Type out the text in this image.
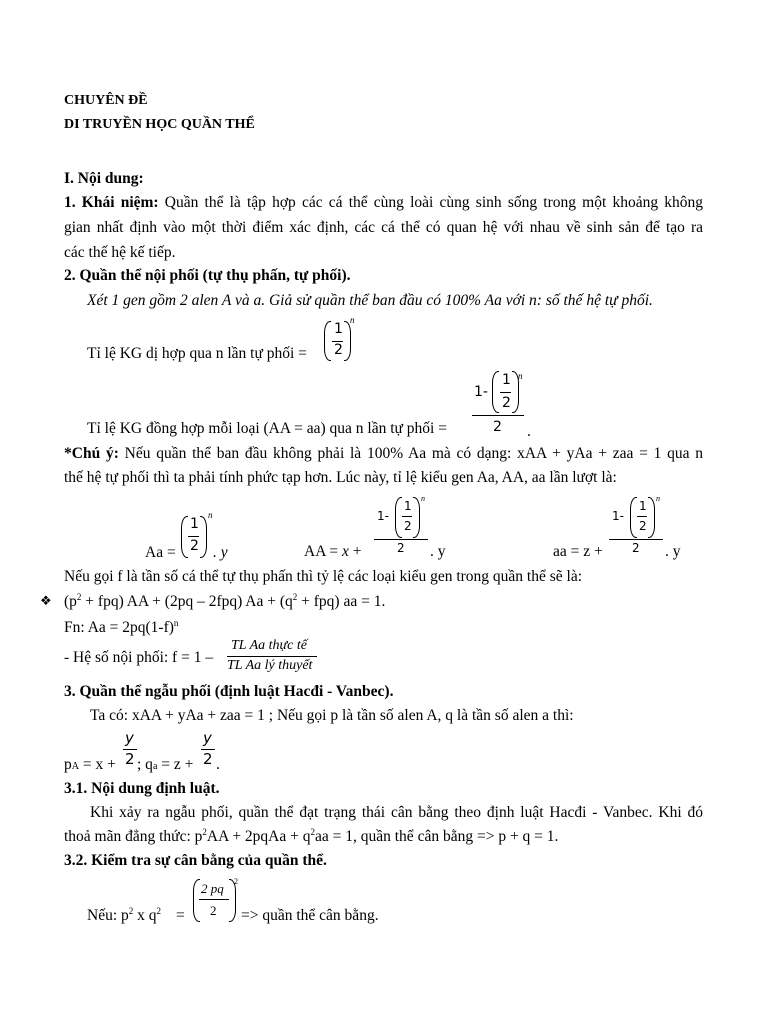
CHUYÊN ĐỀ
DI TRUYỀN HỌC QUẦN THỂ
I. Nội dung:
1. Khái niệm: Quần thể là tập hợp các cá thể cùng loài cùng sinh sống trong một khoảng không
gian nhất định vào một thời điểm xác định, các cá thể có quan hệ với nhau về sinh sản để tạo ra
các thế hệ kế tiếp.
2. Quần thể nội phối (tự thụ phấn, tự phối).
Xét 1 gen gồm 2 alen A và a. Giả sử quần thể ban đầu có 100% Aa với n: số thế hệ tự phối.
Tỉ lệ KG dị hợp qua n lần tự phối =
1
2
n
Tỉ lệ KG đồng hợp mỗi loại (AA = aa) qua n lần tự phối =
1-
1
2
n
2 .
*Chú ý: Nếu quần thể ban đầu không phải là 100% Aa mà có dạng: xAA + yAa + zaa = 1 qua n
thế hệ tự phối thì ta phải tính phức tạp hơn. Lúc này, tỉ lệ kiểu gen Aa, AA, aa lần lượt là:
Aa =
1
2
n
. y	AA = x +
1-
1
2
n
2 . y	aa = z +
1-
1
2
n
2 . y
Nếu gọi f là tần số cá thể tự thụ phấn thì tỷ lệ các loại kiểu gen trong quần thể sẽ là:
❖ $(p^2 + fpq)$ AA + (2pq – 2fpq) $Aa + (q^2 + fpq)$ aa = 1.
Fn: $Aa = 2pq(1-f)^n$
- Hệ số nội phối: f = 1 –
TL Aa thực tế
TL Aa lý thuyết
3. Quần thể ngẫu phối (định luật Hacđi - Vanbec).
Ta có: xAA + yAa + zaa = 1 ; Nếu gọi p là tần số alen A, q là tần số alen a thì:
pA = x +
y
2 ; qa = z +
y
2 .
3.1. Nội dung định luật.
Khi xảy ra ngẫu phối, quần thể đạt trạng thái cân bằng theo định luật Hacđi - Vanbec. Khi đó
thoả mãn đẳng thức: $p^2AA$ + 2pqAa + $q^2aa = 1$, quần thể cân bằng => p + q = 1.
3.2. Kiểm tra sự cân bằng của quần thể.
Nếu: $p^2$ x $q^2$ =
2 pq
2
2
=> quần thể cân bằng.
